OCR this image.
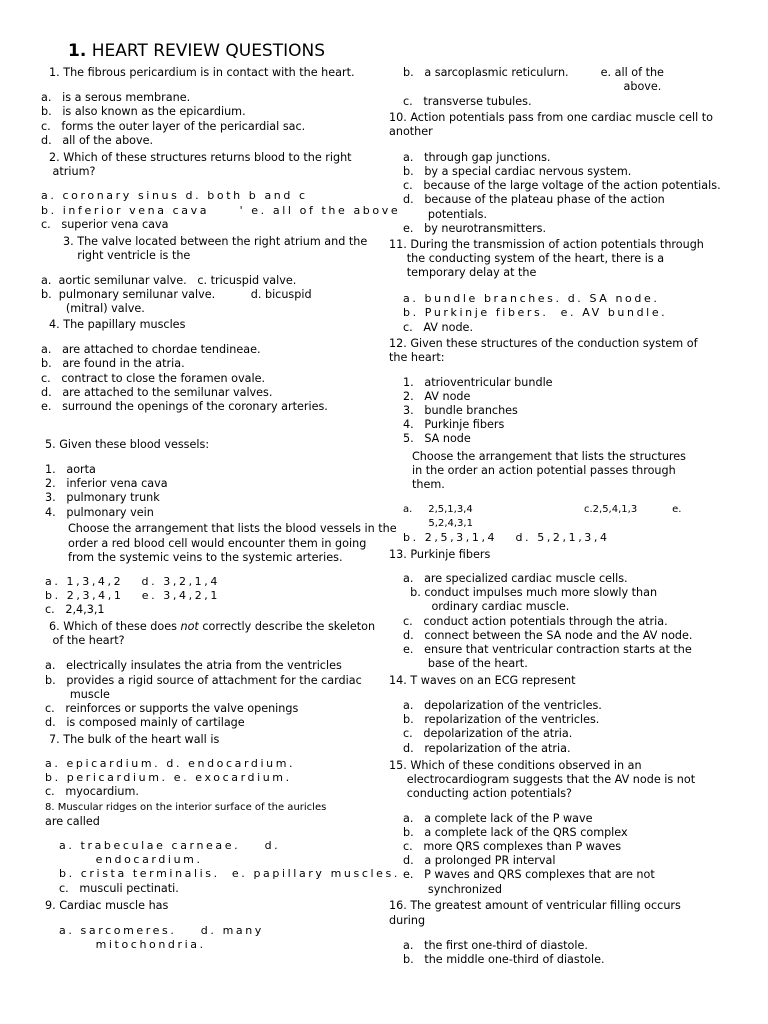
1. HEART REVIEW QUESTIONS
1. The fibrous pericardium is in contact with the heart.
a.   is a serous membrane.
b.   is also known as the epicardium.
c.   forms the outer layer of the pericardial sac.
d.   all of the above.
2. Which of these structures returns blood to the right
atrium?
a. coronary sinus d. both b and c
b. inferior vena cava     ' e. all of the above
c.   superior vena cava
3. The valve located between the right atrium and the
right ventricle is the
a.  aortic semilunar valve.   c. tricuspid valve.
b.  pulmonary semilunar valve.          d. bicuspid
(mitral) valve.
4. The papillary muscles
a.   are attached to chordae tendineae.
b.   are found in the atria.
c.   contract to close the foramen ovale.
d.   are attached to the semilunar valves.
e.   surround the openings of the coronary arteries.
5. Given these blood vessels:
1.   aorta
2.   inferior vena cava
3.   pulmonary trunk
4.   pulmonary vein
Choose the arrangement that lists the blood vessels in the
order a red blood cell would encounter them in going
from the systemic veins to the systemic arteries.
a. 1,3,4,2   d. 3,2,1,4
b. 2,3,4,1   e. 3,4,2,1
c.   2,4,3,1
6. Which of these does not correctly describe the skeleton
of the heart?
a.   electrically insulates the atria from the ventricles
b.   provides a rigid source of attachment for the cardiac
muscle
c.   reinforces or supports the valve openings
d.   is composed mainly of cartilage
7. The bulk of the heart wall is
a. epicardium. d. endocardium.
b. pericardium. e. exocardium.
c.   myocardium.
8. Muscular ridges on the interior surface of the auricles
are called
a. trabeculae carneae.    d.
endocardium.
b. crista terminalis.  e. papillary muscles.
c.   musculi pectinati.
9. Cardiac muscle has
a. sarcomeres.    d. many
mitochondria.
b.   a sarcoplasmic reticulurn.         e. all of the
above.
c.   transverse tubules.
10. Action potentials pass from one cardiac muscle cell to
another
a.   through gap junctions.
b.   by a special cardiac nervous system.
c.   because of the large voltage of the action potentials.
d.   because of the plateau phase of the action
potentials.
e.   by neurotransmitters.
11. During the transmission of action potentials through
the conducting system of the heart, there is a
temporary delay at the
a. bundle branches. d. SA node.
b. Purkinje fibers.  e. AV bundle.
c.   AV node.
12. Given these structures of the conduction system of
the heart:
1.   atrioventricular bundle
2.   AV node
3.   bundle branches
4.   Purkinje fibers
5.   SA node
Choose the arrangement that lists the structures
in the order an action potential passes through
them.
a.     2,5,1,3,4                                   c.2,5,4,1,3           e.
5,2,4,3,1
b. 2,5,3,1,4   d. 5,2,1,3,4
13. Purkinje fibers
a.   are specialized cardiac muscle cells.
b. conduct impulses much more slowly than
ordinary cardiac muscle.
c.   conduct action potentials through the atria.
d.   connect between the SA node and the AV node.
e.   ensure that ventricular contraction starts at the
base of the heart.
14. T waves on an ECG represent
a.   depolarization of the ventricles.
b.   repolarization of the ventricles.
c.   depolarization of the atria.
d.   repolarization of the atria.
15. Which of these conditions observed in an
electrocardiogram suggests that the AV node is not
conducting action potentials?
a.   a complete lack of the P wave
b.   a complete lack of the QRS complex
c.   more QRS complexes than P waves
d.   a prolonged PR interval
e.   P waves and QRS complexes that are not
synchronized
16. The greatest amount of ventricular filling occurs
during
a.   the first one-third of diastole.
b.   the middle one-third of diastole.
